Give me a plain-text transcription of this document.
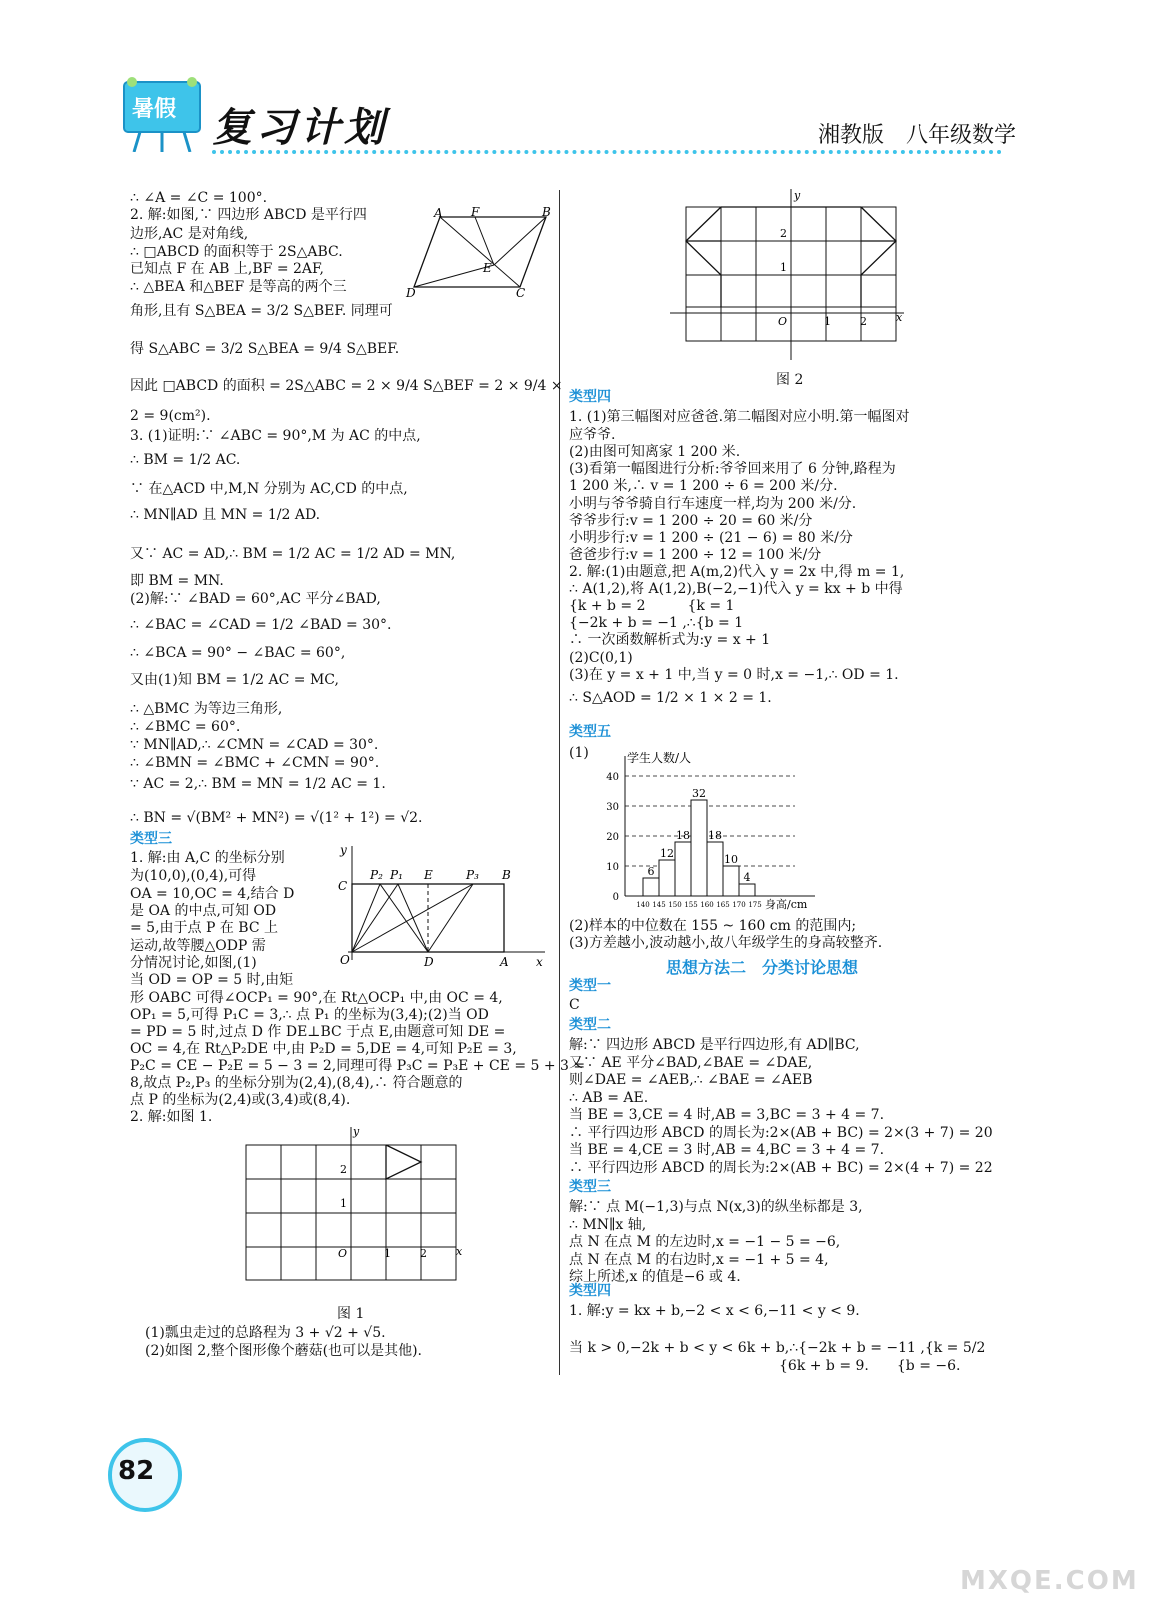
暑假 复习计划	湘教版　八年级数学
∴ ∠A = ∠C = 100°.
2. 解:如图,∵ 四边形 ABCD 是平行四
边形,AC 是对角线,
∴ □ABCD 的面积等于 2S△ABC.
已知点 F 在 AB 上,BF = 2AF,
∴ △BEA 和△BEF 是等高的两个三
角形,且有 S△BEA = 3/2 S△BEF. 同理可
得 S△ABC = 3/2 S△BEA = 9/4 S△BEF.
因此 □ABCD 的面积 = 2S△ABC = 2 × 9/4 S△BEF = 2 × 9/4 ×
2 = 9(cm²).
3. (1)证明:∵ ∠ABC = 90°,M 为 AC 的中点,
∴ BM = 1/2 AC.
∵ 在△ACD 中,M,N 分别为 AC,CD 的中点,
∴ MN∥AD 且 MN = 1/2 AD.
又∵ AC = AD,∴ BM = 1/2 AC = 1/2 AD = MN,
即 BM = MN.
(2)解:∵ ∠BAD = 60°,AC 平分∠BAD,
∴ ∠BAC = ∠CAD = 1/2 ∠BAD = 30°.
∴ ∠BCA = 90° − ∠BAC = 60°,
又由(1)知 BM = 1/2 AC = MC,
∴ △BMC 为等边三角形,
∴ ∠BMC = 60°.
∵ MN∥AD,∴ ∠CMN = ∠CAD = 30°.
∴ ∠BMN = ∠BMC + ∠CMN = 90°.
∵ AC = 2,∴ BM = MN = 1/2 AC = 1.
∴ BN = √(BM² + MN²) = √(1² + 1²) = √2.
A F	B
E
D	C
类型三
1. 解:由 A,C 的坐标分别
为(10,0),(0,4),可得
OA = 10,OC = 4,结合 D
是 OA 的中点,可知 OD
= 5,由于点 P 在 BC 上
运动,故等腰△ODP 需
分情况讨论,如图,(1)
当 OD = OP = 5 时,由矩
形 OABC 可得∠OCP₁ = 90°,在 Rt△OCP₁ 中,由 OC = 4,
OP₁ = 5,可得 P₁C = 3,∴ 点 P₁ 的坐标为(3,4);(2)当 OD
= PD = 5 时,过点 D 作 DE⊥BC 于点 E,由题意可知 DE =
OC = 4,在 Rt△P₂DE 中,由 P₂D = 5,DE = 4,可知 P₂E = 3,
P₂C = CE − P₂E = 5 − 3 = 2,同理可得 P₃C = P₃E + CE = 5 + 3 =
8,故点 P₂,P₃ 的坐标分别为(2,4),(8,4),∴ 符合题意的
点 P 的坐标为(2,4)或(3,4)或(8,4).
2. 解:如图 1.
y
C
P₂ P₁ E	P₃ B
O	D	A x
y
2
1
O	1	2	x
图 1
(1)瓢虫走过的总路程为 3 + √2 + √5.
(2)如图 2,整个图形像个蘑菇(也可以是其他).
y
2
1
O	1	2	x
图 2
类型四
1. (1)第三幅图对应爸爸.第二幅图对应小明.第一幅图对
应爷爷.
(2)由图可知离家 1 200 米.
(3)看第一幅图进行分析:爷爷回来用了 6 分钟,路程为
1 200 米,∴ v = 1 200 ÷ 6 = 200 米/分.
小明与爷爷骑自行车速度一样,均为 200 米/分.
爷爷步行:v = 1 200 ÷ 20 = 60 米/分
小明步行:v = 1 200 ÷ (21 − 6) = 80 米/分
爸爸步行:v = 1 200 ÷ 12 = 100 米/分
2. 解:(1)由题意,把 A(m,2)代入 y = 2x 中,得 m = 1,
∴ A(1,2),将 A(1,2),B(−2,−1)代入 y = kx + b 中得
{k + b = 2　　　{k = 1
{−2k + b = −1 ,∴{b = 1
∴ 一次函数解析式为:y = x + 1
(2)C(0,1)
(3)在 y = x + 1 中,当 y = 0 时,x = −1,∴ OD = 1.
∴ S△AOD = 1/2 × 1 × 2 = 1.
类型五
(1)
0
10
20
30
40
6
12
18
32
18
10
4
140 145 150 155 160 165 170 175
学生人数/人
身高/cm
(2)样本的中位数在 155 ~ 160 cm 的范围内;
(3)方差越小,波动越小,故八年级学生的身高较整齐.
思想方法二　分类讨论思想
类型一
C
类型二
解:∵ 四边形 ABCD 是平行四边形,有 AD∥BC,
又∵ AE 平分∠BAD,∠BAE = ∠DAE,
则∠DAE = ∠AEB,∴ ∠BAE = ∠AEB
∴ AB = AE.
当 BE = 3,CE = 4 时,AB = 3,BC = 3 + 4 = 7.
∴ 平行四边形 ABCD 的周长为:2×(AB + BC) = 2×(3 + 7) = 20
当 BE = 4,CE = 3 时,AB = 4,BC = 3 + 4 = 7.
∴ 平行四边形 ABCD 的周长为:2×(AB + BC) = 2×(4 + 7) = 22
类型三
解:∵ 点 M(−1,3)与点 N(x,3)的纵坐标都是 3,
∴ MN∥x 轴,
点 N 在点 M 的左边时,x = −1 − 5 = −6,
点 N 在点 M 的右边时,x = −1 + 5 = 4,
综上所述,x 的值是−6 或 4.
类型四
1. 解:y = kx + b,−2 < x < 6,−11 < y < 9.
当 k > 0,−2k + b < y < 6k + b,∴{−2k + b = −11 ,{k = 5/2
　　　　　　　　　　　　　　　{6k + b = 9.　　{b = −6.
82
MXQE.COM
